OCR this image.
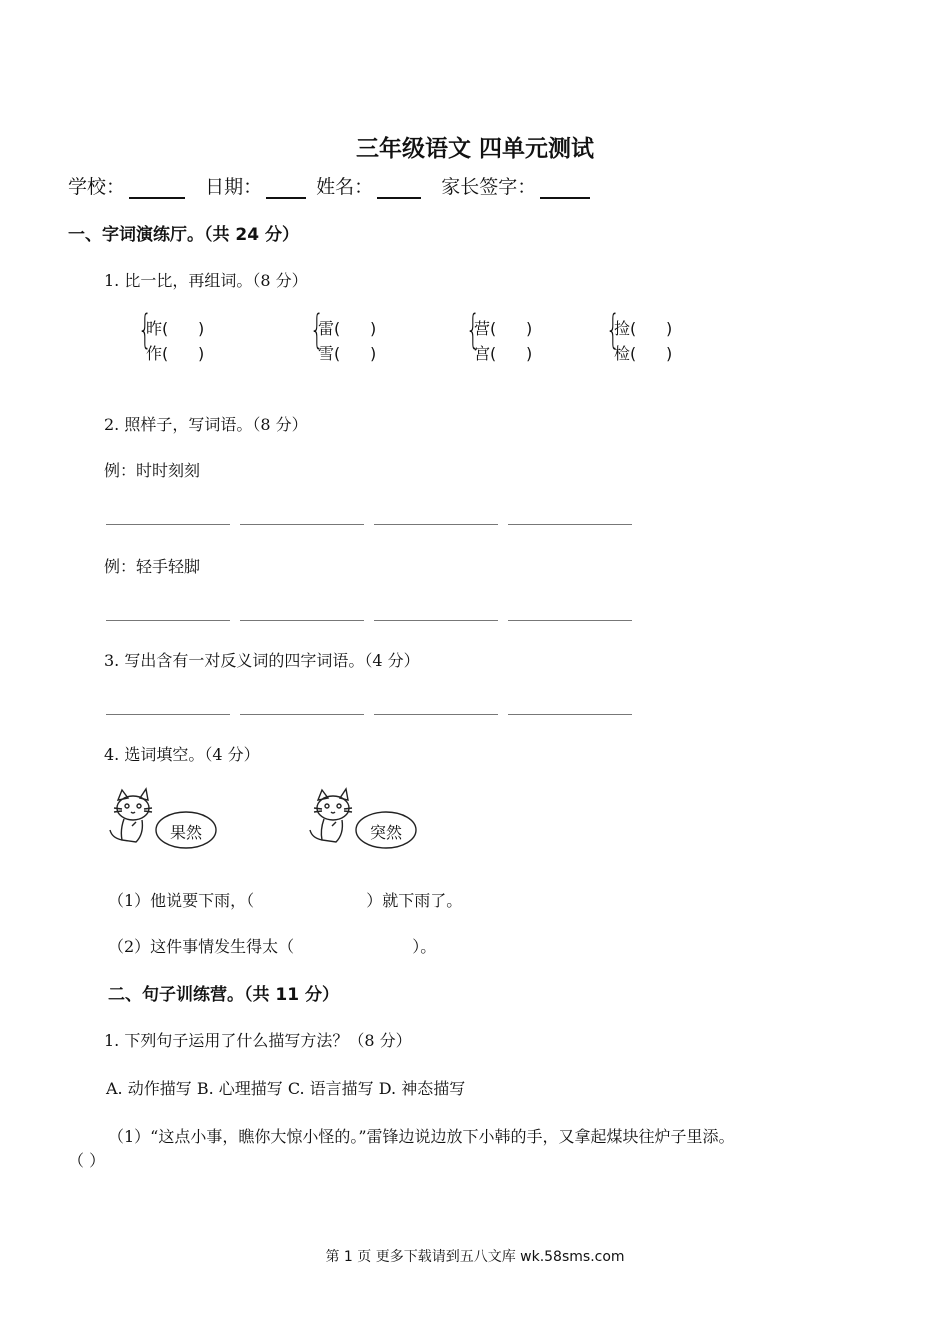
三年级语文 四单元测试
学校：	日期：	姓名：	家长签字：
一、字词演练厅。（共 24 分）
1. 比一比，再组词。（8 分）
{
昨( )
作( )
{
雷( )
雪( )
{
营( )
宫( )
{
捡( )
检( )
2. 照样子，写词语。（8 分）
例：时时刻刻
例：轻手轻脚
3. 写出含有一对反义词的四字词语。（4 分）
4. 选词填空。（4 分）
果然	突然
（1）他说要下雨，（	）就下雨了。
（2）这件事情发生得太（	）。
二、句子训练营。（共 11 分）
1. 下列句子运用了什么描写方法？（8 分）
A. 动作描写 B. 心理描写 C. 语言描写 D. 神态描写
（1）“这点小事，瞧你大惊小怪的。”雷锋边说边放下小韩的手，又拿起煤块往炉子里添。
（ ）
第 1 页 更多下载请到五八文库 wk.58sms.com
